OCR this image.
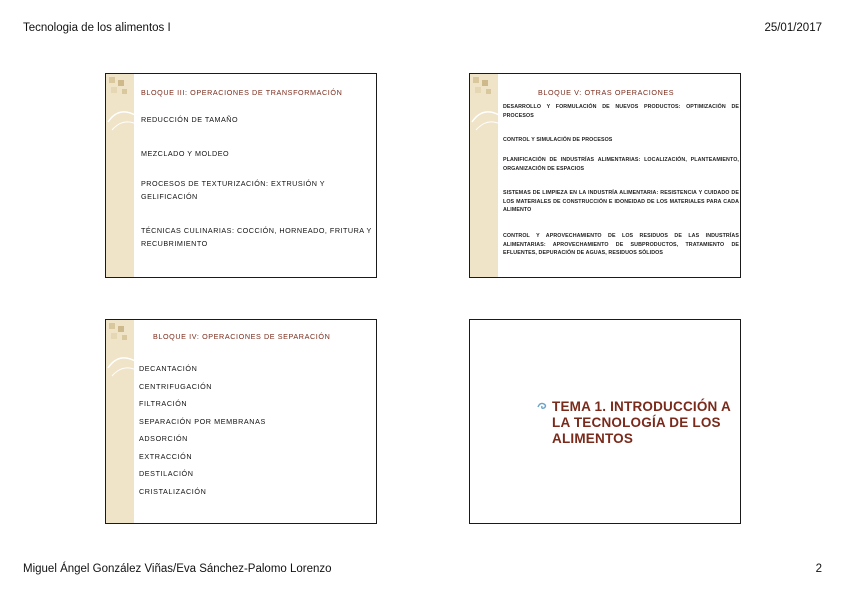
Tecnologia de los alimentos I	25/01/2017
BLOQUE III: OPERACIONES DE TRANSFORMACIÓN
REDUCCIÓN DE TAMAÑO
MEZCLADO Y MOLDEO
PROCESOS DE TEXTURIZACIÓN: EXTRUSIÓN Y GELIFICACIÓN
TÉCNICAS CULINARIAS: COCCIÓN, HORNEADO, FRITURA Y RECUBRIMIENTO
BLOQUE V: OTRAS OPERACIONES
DESARROLLO Y FORMULACIÓN DE NUEVOS PRODUCTOS: OPTIMIZACIÓN DE PROCESOS
CONTROL Y SIMULACIÓN DE PROCESOS
PLANIFICACIÓN DE INDUSTRÍAS ALIMENTARIAS: LOCALIZACIÓN, PLANTEAMIENTO, ORGANIZACIÓN DE ESPACIOS
SISTEMAS DE LIMPIEZA EN LA INDUSTRÍA ALIMENTARIA: RESISTENCIA Y CUIDADO DE LOS MATERIALES DE CONSTRUCCIÓN E IDONEIDAD DE LOS MATERIALES PARA CADA ALIMENTO
CONTROL Y APROVECHAMIENTO DE LOS RESIDUOS DE LAS INDUSTRÍAS ALIMENTARIAS: APROVECHAMIENTO DE SUBPRODUCTOS, TRATAMIENTO DE EFLUENTES, DEPURACIÓN DE AGUAS, RESIDUOS SÓLIDOS
BLOQUE IV: OPERACIONES DE SEPARACIÓN
DECANTACIÓN
CENTRIFUGACIÓN
FILTRACIÓN
SEPARACIÓN POR MEMBRANAS
ADSORCIÓN
EXTRACCIÓN
DESTILACIÓN
CRISTALIZACIÓN
TEMA 1. INTRODUCCIÓN A LA TECNOLOGÍA DE LOS ALIMENTOS
Miguel Ángel González Viñas/Eva Sánchez-Palomo Lorenzo	2
